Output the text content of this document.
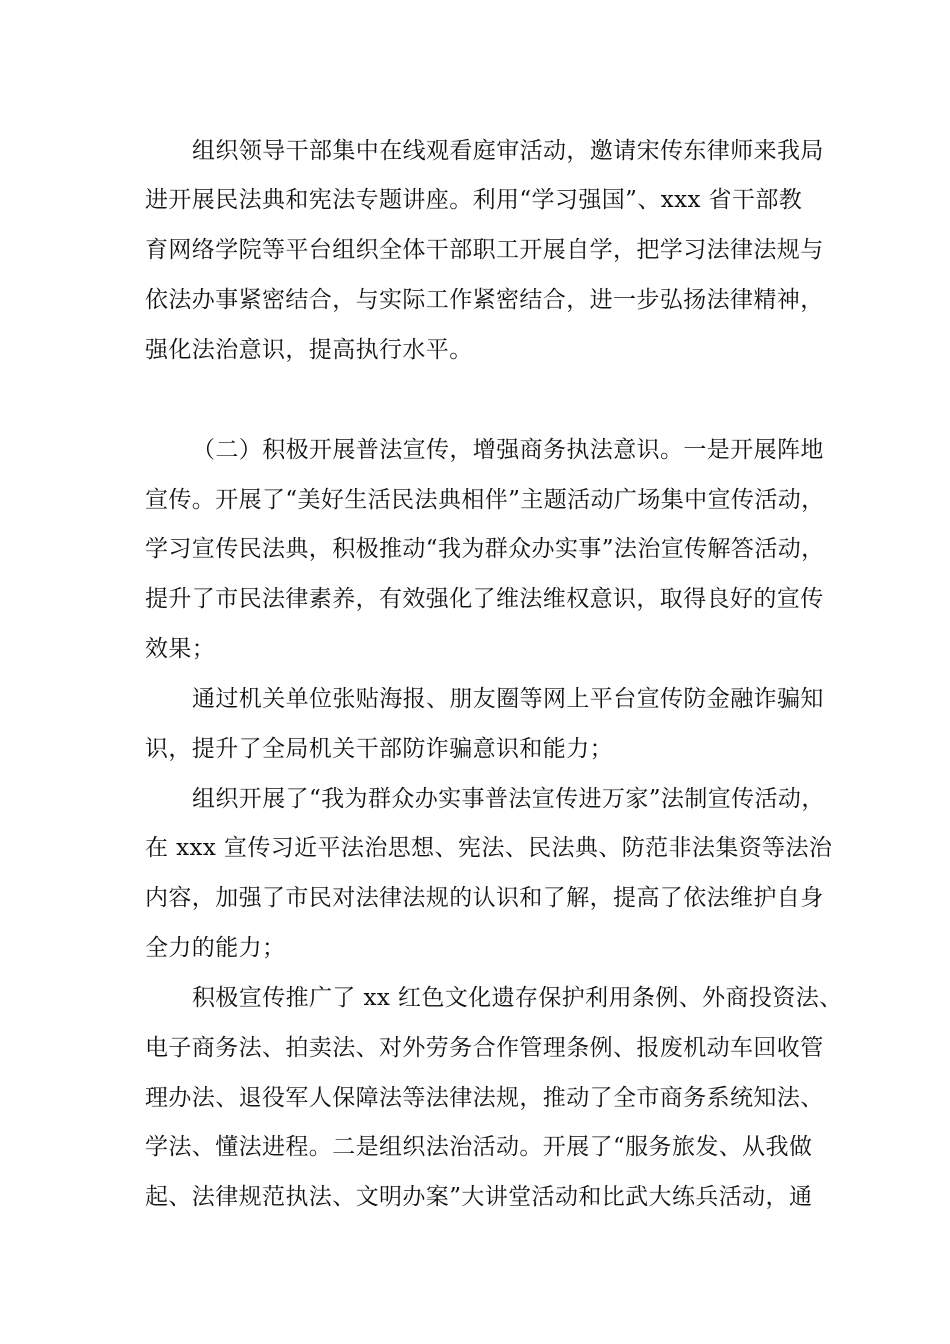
组织领导干部集中在线观看庭审活动，邀请宋传东律师来我局
进开展民法典和宪法专题讲座。利用“学习强国”、xxx 省干部教
育网络学院等平台组织全体干部职工开展自学，把学习法律法规与
依法办事紧密结合，与实际工作紧密结合，进一步弘扬法律精神，
强化法治意识，提高执行水平。
（二）积极开展普法宣传，增强商务执法意识。一是开展阵地
宣传。开展了“美好生活民法典相伴”主题活动广场集中宣传活动，
学习宣传民法典，积极推动“我为群众办实事”法治宣传解答活动，
提升了市民法律素养，有效强化了维法维权意识，取得良好的宣传
效果；
通过机关单位张贴海报、朋友圈等网上平台宣传防金融诈骗知
识，提升了全局机关干部防诈骗意识和能力；
组织开展了“我为群众办实事普法宣传进万家”法制宣传活动，
在 xxx 宣传习近平法治思想、宪法、民法典、防范非法集资等法治
内容，加强了市民对法律法规的认识和了解，提高了依法维护自身
全力的能力；
积极宣传推广了 xx 红色文化遗存保护利用条例、外商投资法、
电子商务法、拍卖法、对外劳务合作管理条例、报废机动车回收管
理办法、退役军人保障法等法律法规，推动了全市商务系统知法、
学法、懂法进程。二是组织法治活动。开展了“服务旅发、从我做
起、法律规范执法、文明办案”大讲堂活动和比武大练兵活动，通
